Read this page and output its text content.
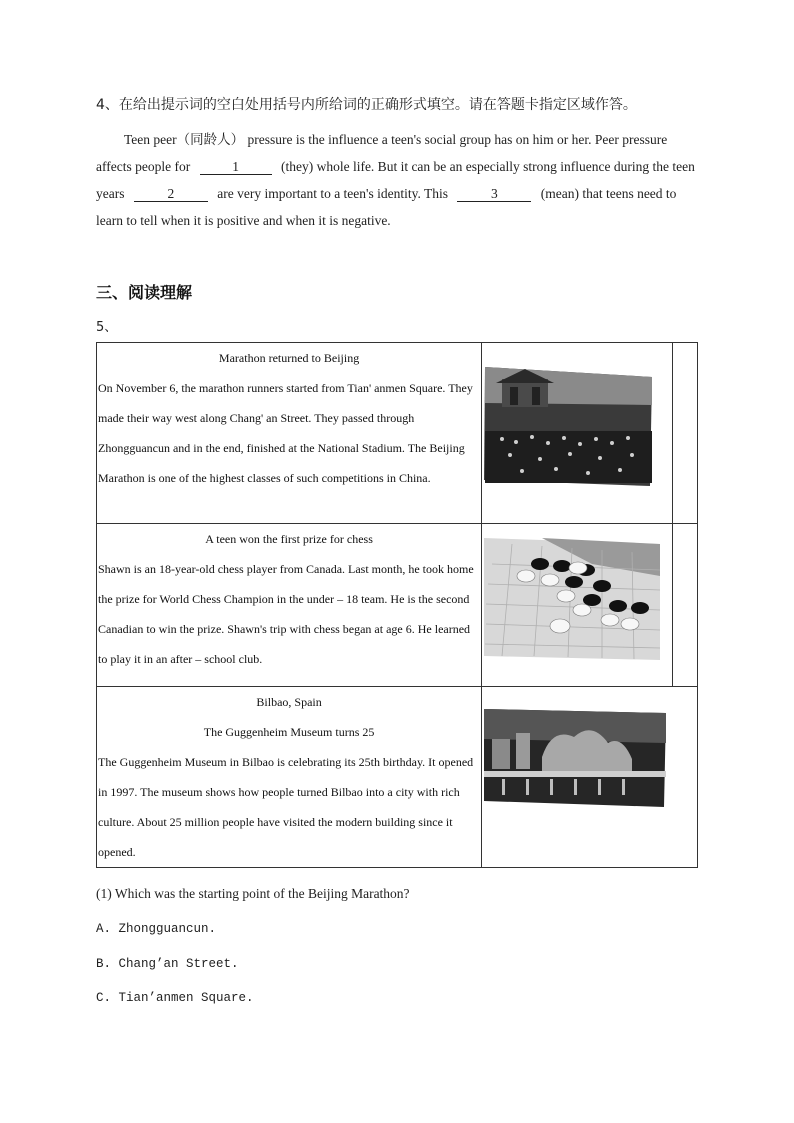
4、在给出提示词的空白处用括号内所给词的正确形式填空。请在答题卡指定区域作答。
Teen peer（同龄人） pressure is the influence a teen's social group has on him or her. Peer pressure affects people for	1	(they) whole life. But it can be an especially strong influence during the teen years	2	are very important to a teen's identity. This	3	(mean) that teens need to learn to tell when it is positive and when it is negative.
三、阅读理解
5、
Marathon returned to Beijing
On November 6, the marathon runners started from Tian' anmen Square. They made their way west along Chang' an Street. They passed through Zhongguancun and in the end, finished at the National Stadium. The Beijing Marathon is one of the highest classes of such competitions in China.	

A teen won the first prize for chess
Shawn is an 18-year-old chess player from Canada. Last month, he took home the prize for World Chess Champion in the under – 18 team. He is the second Canadian to win the prize. Shawn's trip with chess began at age 6. He learned to play it in an after – school club.	

Bilbao, Spain
The Guggenheim Museum turns 25
The Guggenheim Museum in Bilbao is celebrating its 25th birthday. It opened in 1997. The museum shows how people turned Bilbao into a city with rich culture. About 25 million people have visited the modern building since it opened.	
(1) Which was the starting point of the Beijing Marathon?
A. Zhongguancun.
B. Chang’an Street.
C. Tian’anmen Square.
